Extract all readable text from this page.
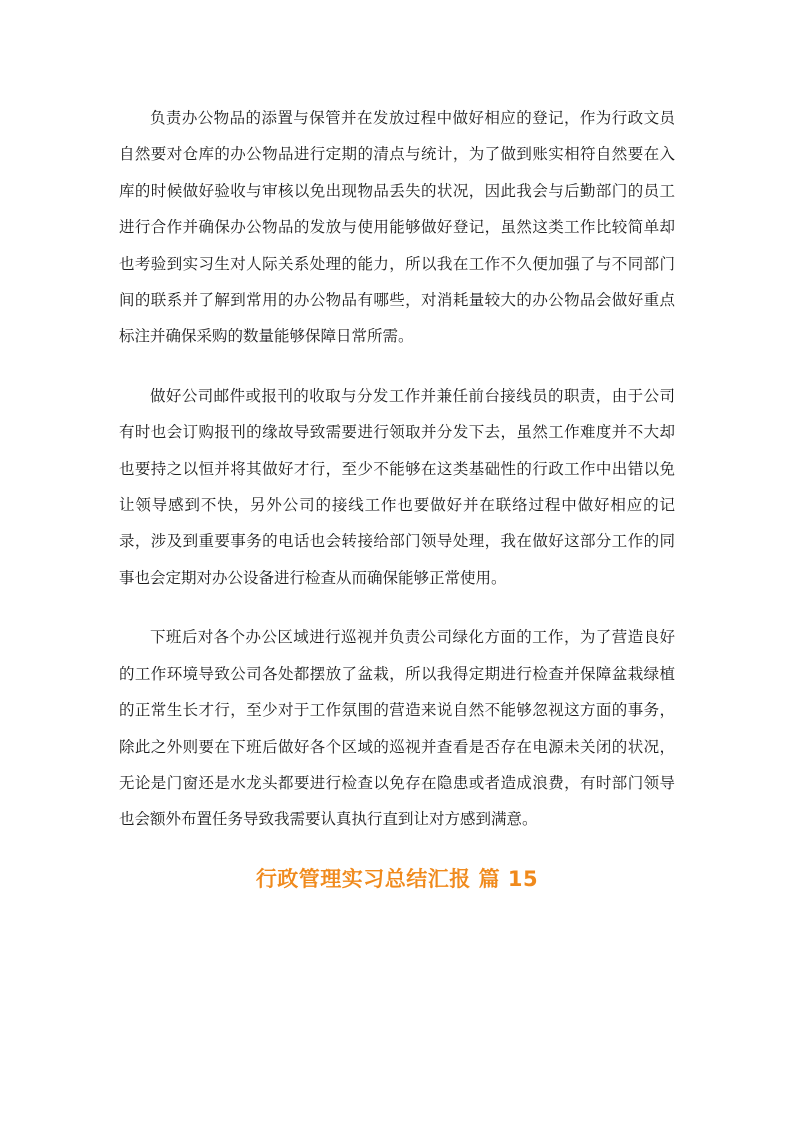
负责办公物品的添置与保管并在发放过程中做好相应的登记，作为行政文员自然要对仓库的办公物品进行定期的清点与统计，为了做到账实相符自然要在入库的时候做好验收与审核以免出现物品丢失的状况，因此我会与后勤部门的员工进行合作并确保办公物品的发放与使用能够做好登记，虽然这类工作比较简单却也考验到实习生对人际关系处理的能力，所以我在工作不久便加强了与不同部门间的联系并了解到常用的办公物品有哪些，对消耗量较大的办公物品会做好重点标注并确保采购的数量能够保障日常所需。

做好公司邮件或报刊的收取与分发工作并兼任前台接线员的职责，由于公司有时也会订购报刊的缘故导致需要进行领取并分发下去，虽然工作难度并不大却也要持之以恒并将其做好才行，至少不能够在这类基础性的行政工作中出错以免让领导感到不快，另外公司的接线工作也要做好并在联络过程中做好相应的记录，涉及到重要事务的电话也会转接给部门领导处理，我在做好这部分工作的同事也会定期对办公设备进行检查从而确保能够正常使用。

下班后对各个办公区域进行巡视并负责公司绿化方面的工作，为了营造良好的工作环境导致公司各处都摆放了盆栽，所以我得定期进行检查并保障盆栽绿植的正常生长才行，至少对于工作氛围的营造来说自然不能够忽视这方面的事务，除此之外则要在下班后做好各个区域的巡视并查看是否存在电源未关闭的状况，无论是门窗还是水龙头都要进行检查以免存在隐患或者造成浪费，有时部门领导也会额外布置任务导致我需要认真执行直到让对方感到满意。

行政管理实习总结汇报 篇 15
